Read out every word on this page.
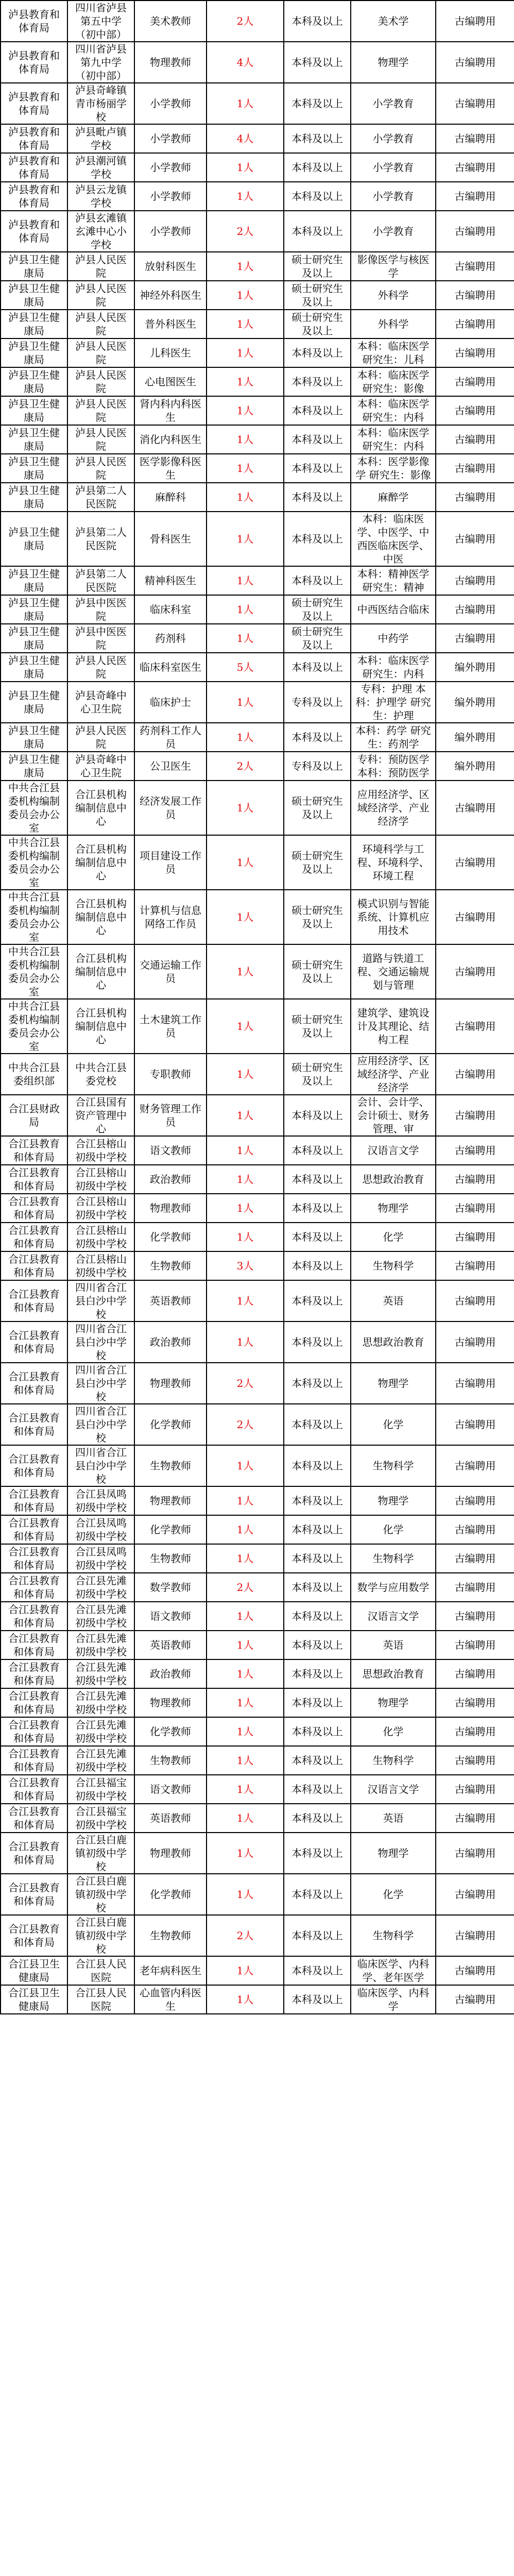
泸县教育和体育局	四川省泸县第五中学（初中部）	美术教师	2人	本科及以上	美术学	古编聘用
泸县教育和体育局	四川省泸县第九中学（初中部）	物理教师	4人	本科及以上	物理学	古编聘用
泸县教育和体育局	泸县奇峰镇青市杨丽学校	小学教师	1人	本科及以上	小学教育	古编聘用
泸县教育和体育局	泸县毗卢镇学校	小学教师	4人	本科及以上	小学教育	古编聘用
泸县教育和体育局	泸县潮河镇学校	小学教师	1人	本科及以上	小学教育	古编聘用
泸县教育和体育局	泸县云龙镇学校	小学教师	1人	本科及以上	小学教育	古编聘用
泸县教育和体育局	泸县玄滩镇玄滩中心小学校	小学教师	2人	本科及以上	小学教育	古编聘用
泸县卫生健康局	泸县人民医院	放射科医生	1人	硕士研究生及以上	影像医学与核医学	古编聘用
泸县卫生健康局	泸县人民医院	神经外科医生	1人	硕士研究生及以上	外科学	古编聘用
泸县卫生健康局	泸县人民医院	普外科医生	1人	硕士研究生及以上	外科学	古编聘用
泸县卫生健康局	泸县人民医院	儿科医生	1人	本科及以上	本科：临床医学 研究生：儿科	古编聘用
泸县卫生健康局	泸县人民医院	心电图医生	1人	本科及以上	本科：临床医学 研究生：影像	古编聘用
泸县卫生健康局	泸县人民医院	肾内科内科医生	1人	本科及以上	本科：临床医学 研究生：内科	古编聘用
泸县卫生健康局	泸县人民医院	消化内科医生	1人	本科及以上	本科：临床医学 研究生：内科	古编聘用
泸县卫生健康局	泸县人民医院	医学影像科医生	1人	本科及以上	本科：医学影像学 研究生：影像	古编聘用
泸县卫生健康局	泸县第二人民医院	麻醉科	1人	本科及以上	麻醉学	古编聘用
泸县卫生健康局	泸县第二人民医院	骨科医生	1人	本科及以上	本科：临床医学、中医学、中西医临床医学、中医	古编聘用
泸县卫生健康局	泸县第二人民医院	精神科医生	1人	本科及以上	本科：精神医学 研究生：精神	古编聘用
泸县卫生健康局	泸县中医医院	临床科室	1人	硕士研究生及以上	中西医结合临床	古编聘用
泸县卫生健康局	泸县中医医院	药剂科	1人	硕士研究生及以上	中药学	古编聘用
泸县卫生健康局	泸县人民医院	临床科室医生	5人	本科及以上	本科：临床医学 研究生：内科	编外聘用
泸县卫生健康局	泸县奇峰中心卫生院	临床护士	1人	专科及以上	专科：护理 本科：护理学 研究生：护理	编外聘用
泸县卫生健康局	泸县人民医院	药剂科工作人员	1人	本科及以上	本科：药学 研究生：药剂学	编外聘用
泸县卫生健康局	泸县奇峰中心卫生院	公卫医生	2人	专科及以上	专科：预防医学 本科：预防医学	编外聘用
中共合江县委机构编制委员会办公室	合江县机构编制信息中心	经济发展工作员	1人	硕士研究生及以上	应用经济学、区域经济学、产业经济学	古编聘用
中共合江县委机构编制委员会办公室	合江县机构编制信息中心	项目建设工作员	1人	硕士研究生及以上	环境科学与工程、环境科学、环境工程	古编聘用
中共合江县委机构编制委员会办公室	合江县机构编制信息中心	计算机与信息网络工作员	1人	硕士研究生及以上	模式识别与智能系统、计算机应用技术	古编聘用
中共合江县委机构编制委员会办公室	合江县机构编制信息中心	交通运输工作员	1人	硕士研究生及以上	道路与铁道工程、交通运输规划与管理	古编聘用
中共合江县委机构编制委员会办公室	合江县机构编制信息中心	土木建筑工作员	1人	硕士研究生及以上	建筑学、建筑设计及其理论、结构工程	古编聘用
中共合江县委组织部	中共合江县委党校	专职教师	1人	硕士研究生及以上	应用经济学、区域经济学、产业经济学	古编聘用
合江县财政局	合江县国有资产管理中心	财务管理工作员	1人	本科及以上	会计、会计学、会计硕士、财务管理、审	古编聘用
合江县教育和体育局	合江县榕山初级中学校	语文教师	1人	本科及以上	汉语言文学	古编聘用
合江县教育和体育局	合江县榕山初级中学校	政治教师	1人	本科及以上	思想政治教育	古编聘用
合江县教育和体育局	合江县榕山初级中学校	物理教师	1人	本科及以上	物理学	古编聘用
合江县教育和体育局	合江县榕山初级中学校	化学教师	1人	本科及以上	化学	古编聘用
合江县教育和体育局	合江县榕山初级中学校	生物教师	3人	本科及以上	生物科学	古编聘用
合江县教育和体育局	四川省合江县白沙中学校	英语教师	1人	本科及以上	英语	古编聘用
合江县教育和体育局	四川省合江县白沙中学校	政治教师	1人	本科及以上	思想政治教育	古编聘用
合江县教育和体育局	四川省合江县白沙中学校	物理教师	2人	本科及以上	物理学	古编聘用
合江县教育和体育局	四川省合江县白沙中学校	化学教师	2人	本科及以上	化学	古编聘用
合江县教育和体育局	四川省合江县白沙中学校	生物教师	1人	本科及以上	生物科学	古编聘用
合江县教育和体育局	合江县凤鸣初级中学校	物理教师	1人	本科及以上	物理学	古编聘用
合江县教育和体育局	合江县凤鸣初级中学校	化学教师	1人	本科及以上	化学	古编聘用
合江县教育和体育局	合江县凤鸣初级中学校	生物教师	1人	本科及以上	生物科学	古编聘用
合江县教育和体育局	合江县先滩初级中学校	数学教师	2人	本科及以上	数学与应用数学	古编聘用
合江县教育和体育局	合江县先滩初级中学校	语文教师	1人	本科及以上	汉语言文学	古编聘用
合江县教育和体育局	合江县先滩初级中学校	英语教师	1人	本科及以上	英语	古编聘用
合江县教育和体育局	合江县先滩初级中学校	政治教师	1人	本科及以上	思想政治教育	古编聘用
合江县教育和体育局	合江县先滩初级中学校	物理教师	1人	本科及以上	物理学	古编聘用
合江县教育和体育局	合江县先滩初级中学校	化学教师	1人	本科及以上	化学	古编聘用
合江县教育和体育局	合江县先滩初级中学校	生物教师	1人	本科及以上	生物科学	古编聘用
合江县教育和体育局	合江县福宝初级中学校	语文教师	1人	本科及以上	汉语言文学	古编聘用
合江县教育和体育局	合江县福宝初级中学校	英语教师	1人	本科及以上	英语	古编聘用
合江县教育和体育局	合江县白鹿镇初级中学校	物理教师	1人	本科及以上	物理学	古编聘用
合江县教育和体育局	合江县白鹿镇初级中学校	化学教师	1人	本科及以上	化学	古编聘用
合江县教育和体育局	合江县白鹿镇初级中学校	生物教师	2人	本科及以上	生物科学	古编聘用
合江县卫生健康局	合江县人民医院	老年病科医生	1人	本科及以上	临床医学、内科学、老年医学	古编聘用
合江县卫生健康局	合江县人民医院	心血管内科医生	1人	本科及以上	临床医学、内科学	古编聘用
